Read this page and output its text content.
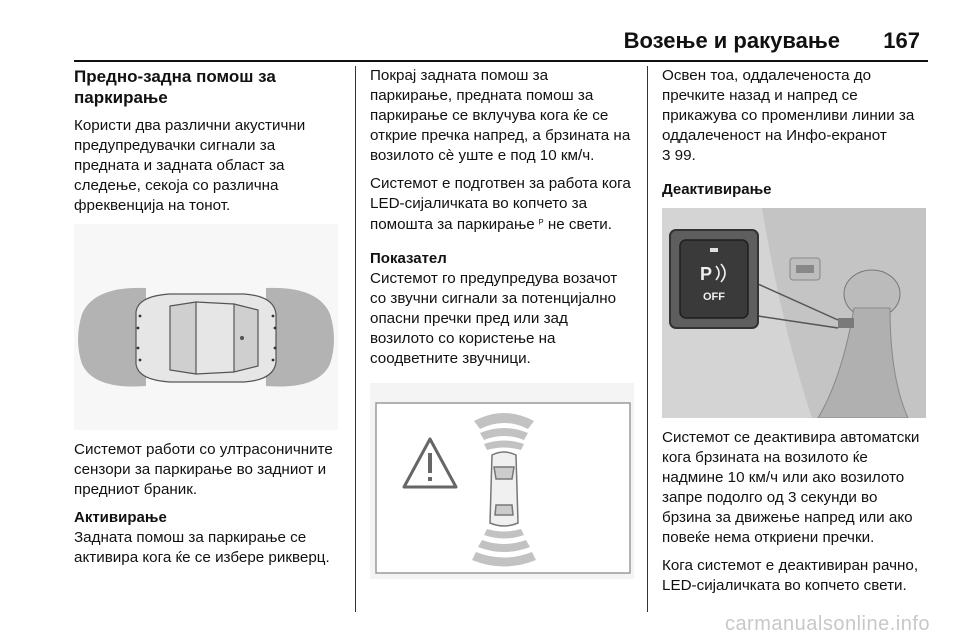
Возење и ракување 167
Предно-задна помош за паркирање

Користи два различни акустични предупредувачки сигнали за предната и задната област за следење, секоја со различна фреквенција на тонот.

Системот работи со ултрасоничните сензори за паркирање во задниот и предниот браник.

Активирање

Задната помош за паркирање се активира кога ќе се избере рикверц.

Покрај задната помош за паркирање, предната помош за паркирање се вклучува кога ќе се открие пречка напред, а брзината на возилото сѐ уште е под 10 км/ч.

Системот е подготвен за работа кога LED-сијаличката во копчето за помошта за паркирање ᴾ не свети.

Показател

Системот го предупредува возачот со звучни сигнали за потенцијално опасни пречки пред или зад возилото со користење на соодветните звучници.

Освен тоа, оддалеченоста до пречките назад и напред се прикажува со променливи линии за оддалеченост на Инфо-екранот
3 99.

Деактивирање
P
OFF

Системот се деактивира автоматски кога брзината на возилото ќе надмине 10 км/ч или ако возилото запре подолго од 3 секунди во брзина за движење напред или ако повеќе нема откриени пречки.

Кога системот е деактивиран рачно, LED-сијаличката во копчето свети.

carmanualsonline.info
